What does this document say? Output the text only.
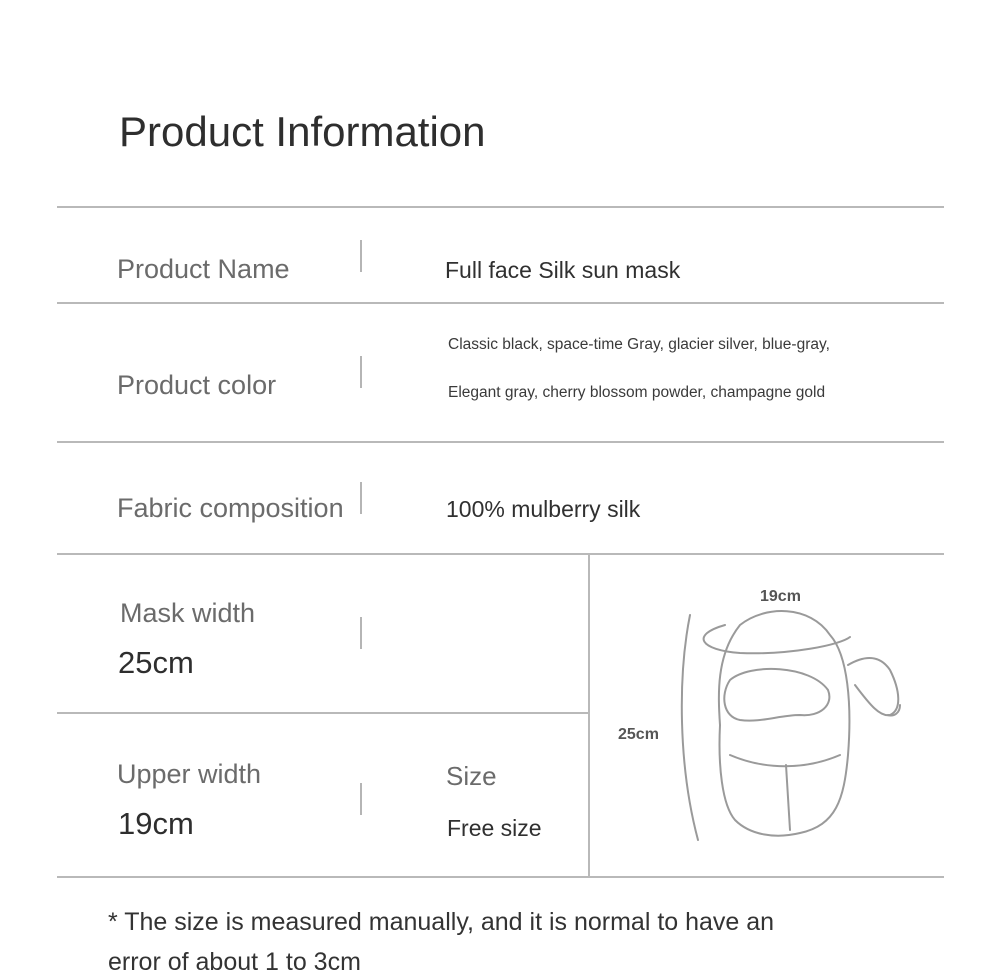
Product Information
Product Name	Full face Silk sun mask
Product color
Classic black, space-time Gray, glacier silver, blue-gray,
Elegant gray, cherry blossom powder, champagne gold
Fabric composition	100% mulberry silk
Mask width
25cm
Upper width
19cm
Size
Free size
19cm
25cm
* The size is measured manually, and it is normal to have an
error of about 1 to 3cm
